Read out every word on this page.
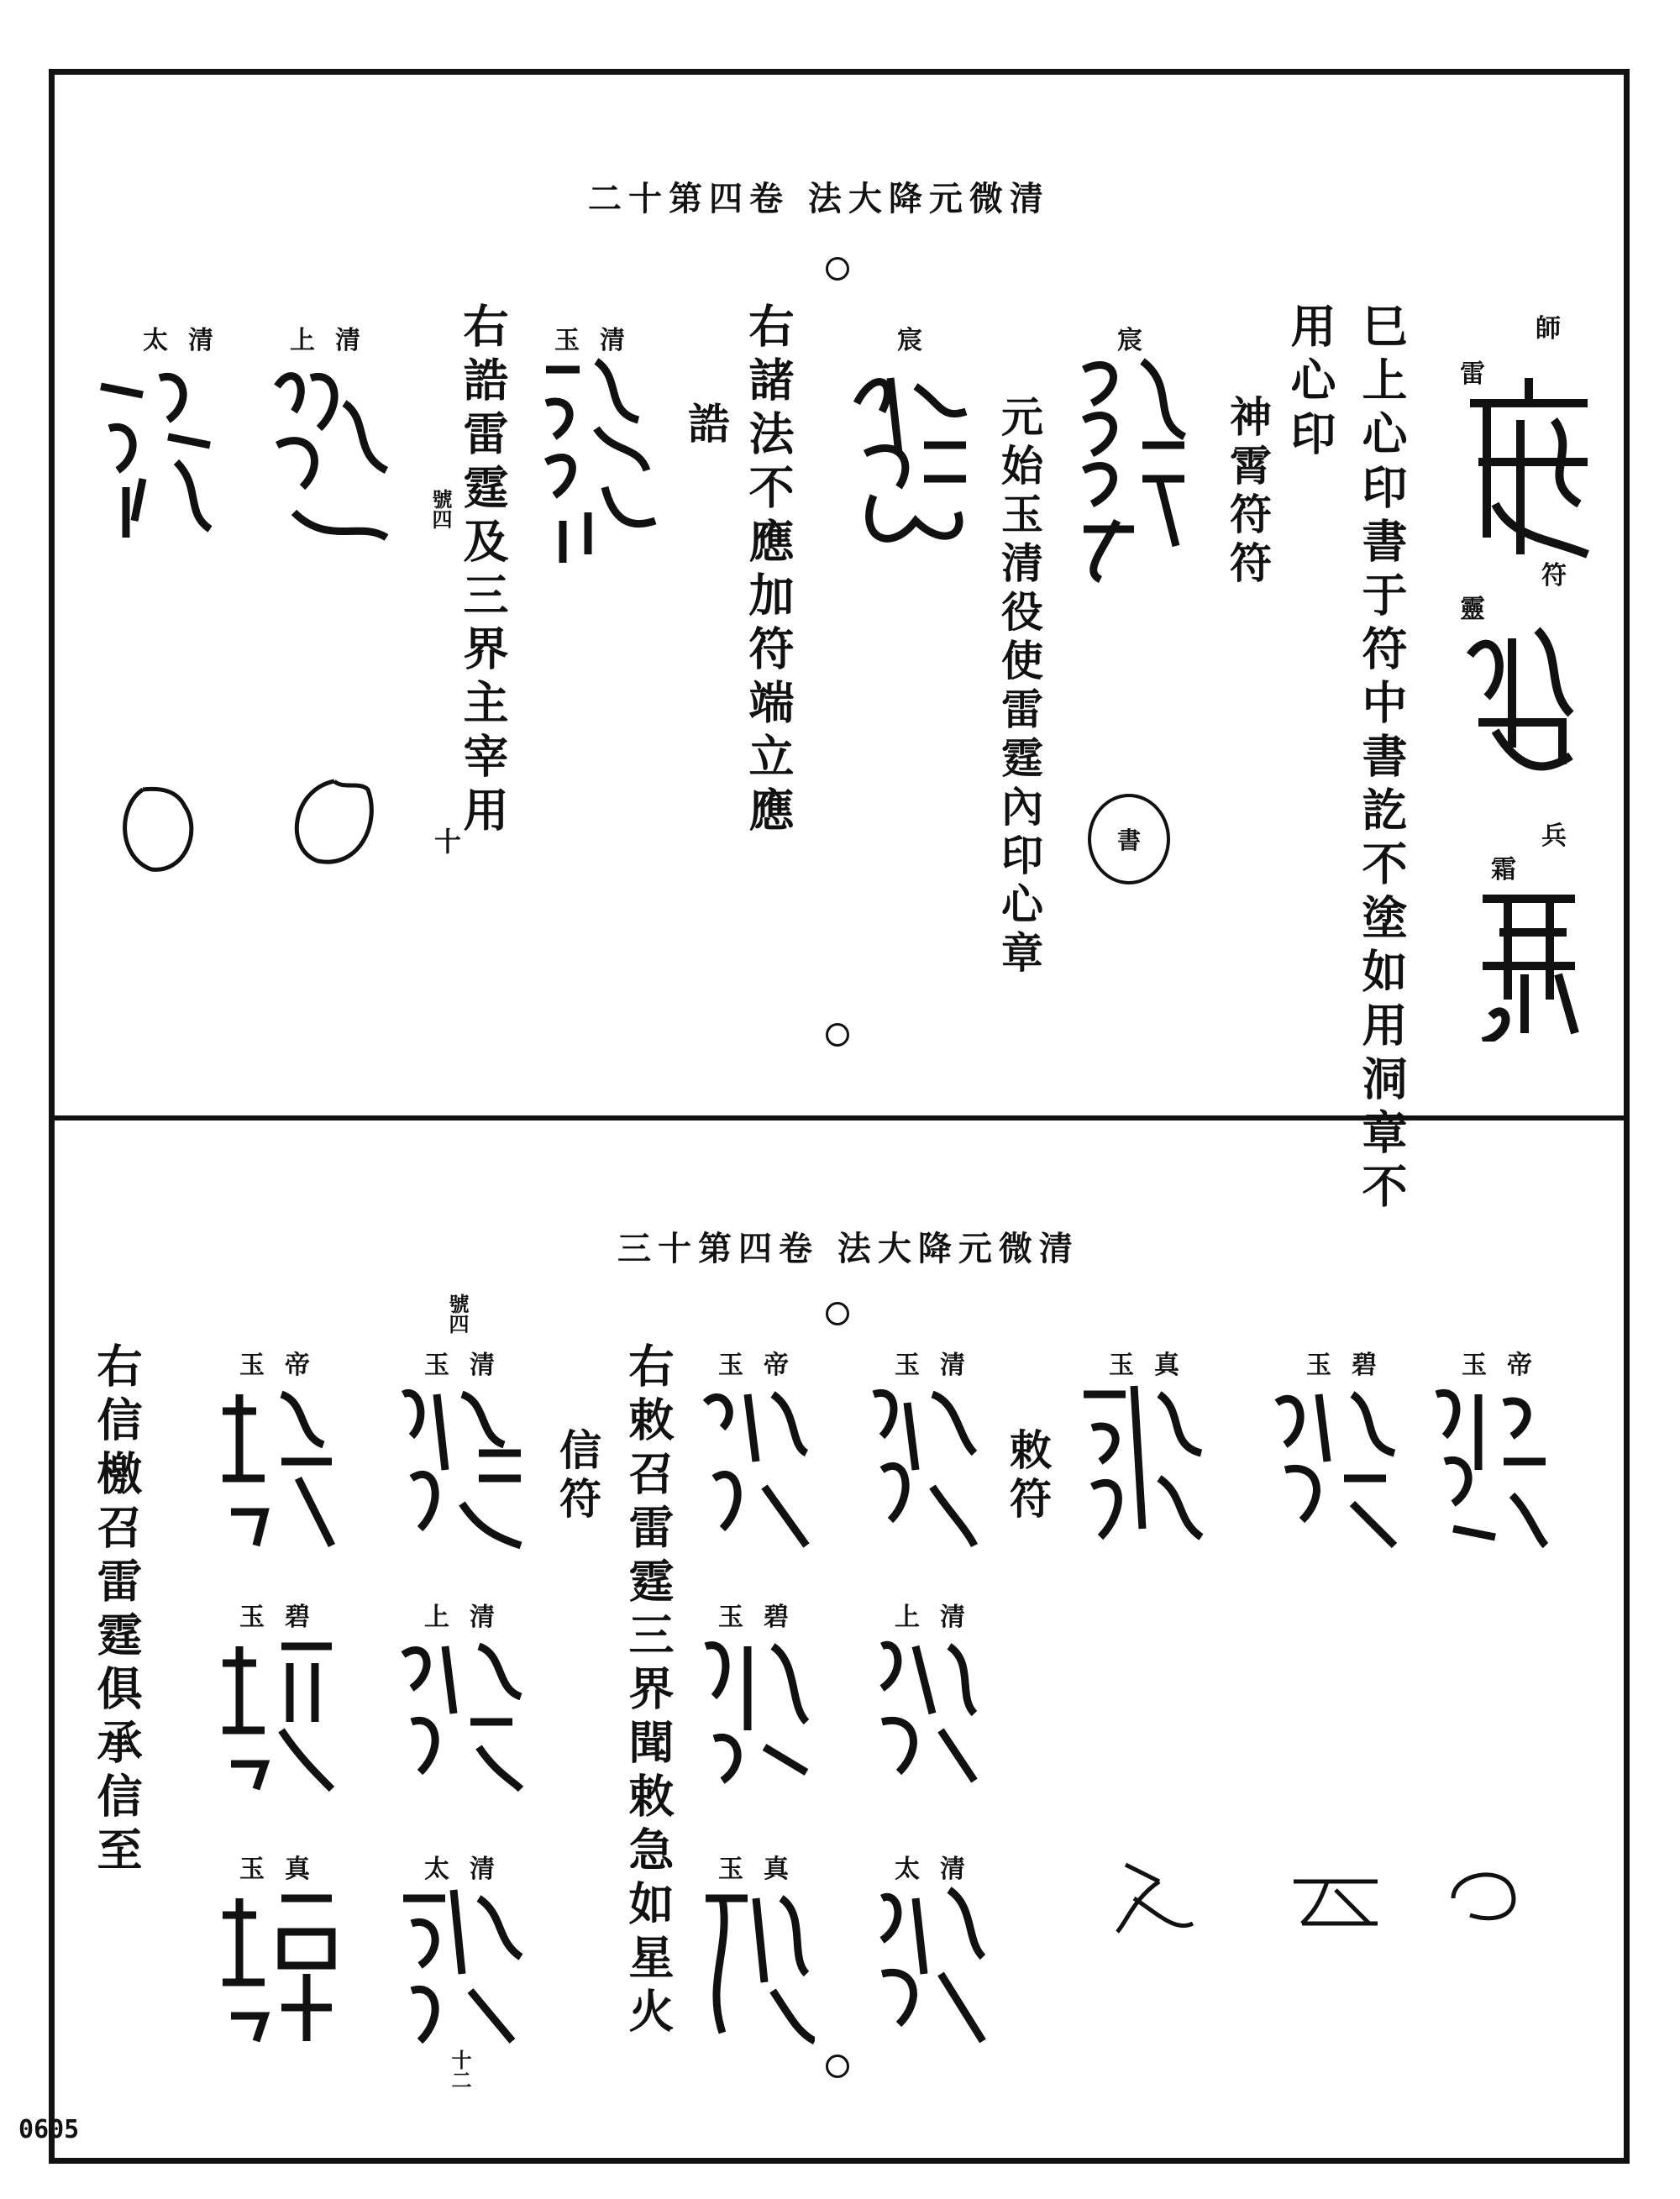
二十第四卷 法大降元微清
巳上心印書于符中書訖不塗如用洞章不
用心印	師
雷
符
靈
兵
霜
神霄符符
宸
元始玉清役使雷霆內印心章	書
宸
右諸法不應加符端立應
誥
玉清
右誥雷霆及三界主宰用
號四
上清
太清
十
三十第四卷 法大降元微清
玉帝
玉碧
玉真
敕符
玉清
上清
太清
玉帝
玉碧
玉真
右敕召雷霆三界聞敕急如星火
信符
號四
玉清
上清
太清
十二
玉帝
玉碧
玉真
右信檄召雷霆俱承信至
0605
